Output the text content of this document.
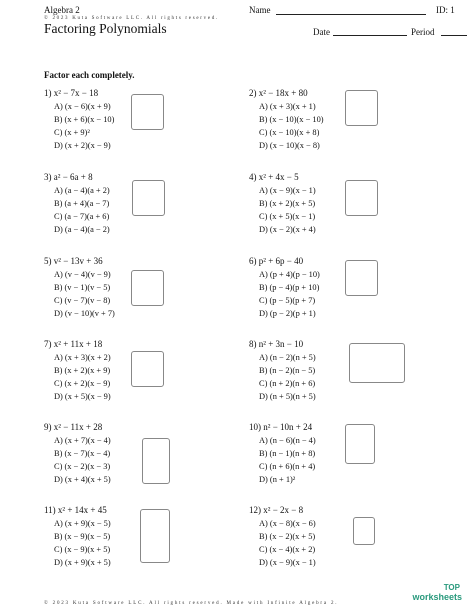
Algebra 2
© 2023 Kuta Software LLC. All rights reserved.
Name	ID: 1
Factoring Polynomials	Date	Period
Factor each completely.
1) x² − 7x − 18
A) (x − 6)(x + 9)
B) (x + 6)(x − 10)
C) (x + 9)²
D) (x + 2)(x − 9)
3) a² − 6a + 8
A) (a − 4)(a + 2)
B) (a + 4)(a − 7)
C) (a − 7)(a + 6)
D) (a − 4)(a − 2)
5) v² − 13v + 36
A) (v − 4)(v − 9)
B) (v − 1)(v − 5)
C) (v − 7)(v − 8)
D) (v − 10)(v + 7)
7) x² + 11x + 18
A) (x + 3)(x + 2)
B) (x + 2)(x + 9)
C) (x + 2)(x − 9)
D) (x + 5)(x − 9)
9) x² − 11x + 28
A) (x + 7)(x − 4)
B) (x − 7)(x − 4)
C) (x − 2)(x − 3)
D) (x + 4)(x + 5)
11) x² + 14x + 45
A) (x + 9)(x − 5)
B) (x − 9)(x − 5)
C) (x − 9)(x + 5)
D) (x + 9)(x + 5)
2) x² − 18x + 80
A) (x + 3)(x + 1)
B) (x − 10)(x − 10)
C) (x − 10)(x + 8)
D) (x − 10)(x − 8)
4) x² + 4x − 5
A) (x − 9)(x − 1)
B) (x + 2)(x + 5)
C) (x + 5)(x − 1)
D) (x − 2)(x + 4)
6) p² + 6p − 40
A) (p + 4)(p − 10)
B) (p − 4)(p + 10)
C) (p − 5)(p + 7)
D) (p − 2)(p + 1)
8) n² + 3n − 10
A) (n − 2)(n + 5)
B) (n − 2)(n − 5)
C) (n + 2)(n + 6)
D) (n + 5)(n + 5)
10) n² − 10n + 24
A) (n − 6)(n − 4)
B) (n − 1)(n + 8)
C) (n + 6)(n + 4)
D) (n + 1)²
12) x² − 2x − 8
A) (x − 8)(x − 6)
B) (x − 2)(x + 5)
C) (x − 4)(x + 2)
D) (x − 9)(x − 1)
© 2023 Kuta Software LLC. All rights reserved. Made with Infinite Algebra 2.
TOP
worksheets
